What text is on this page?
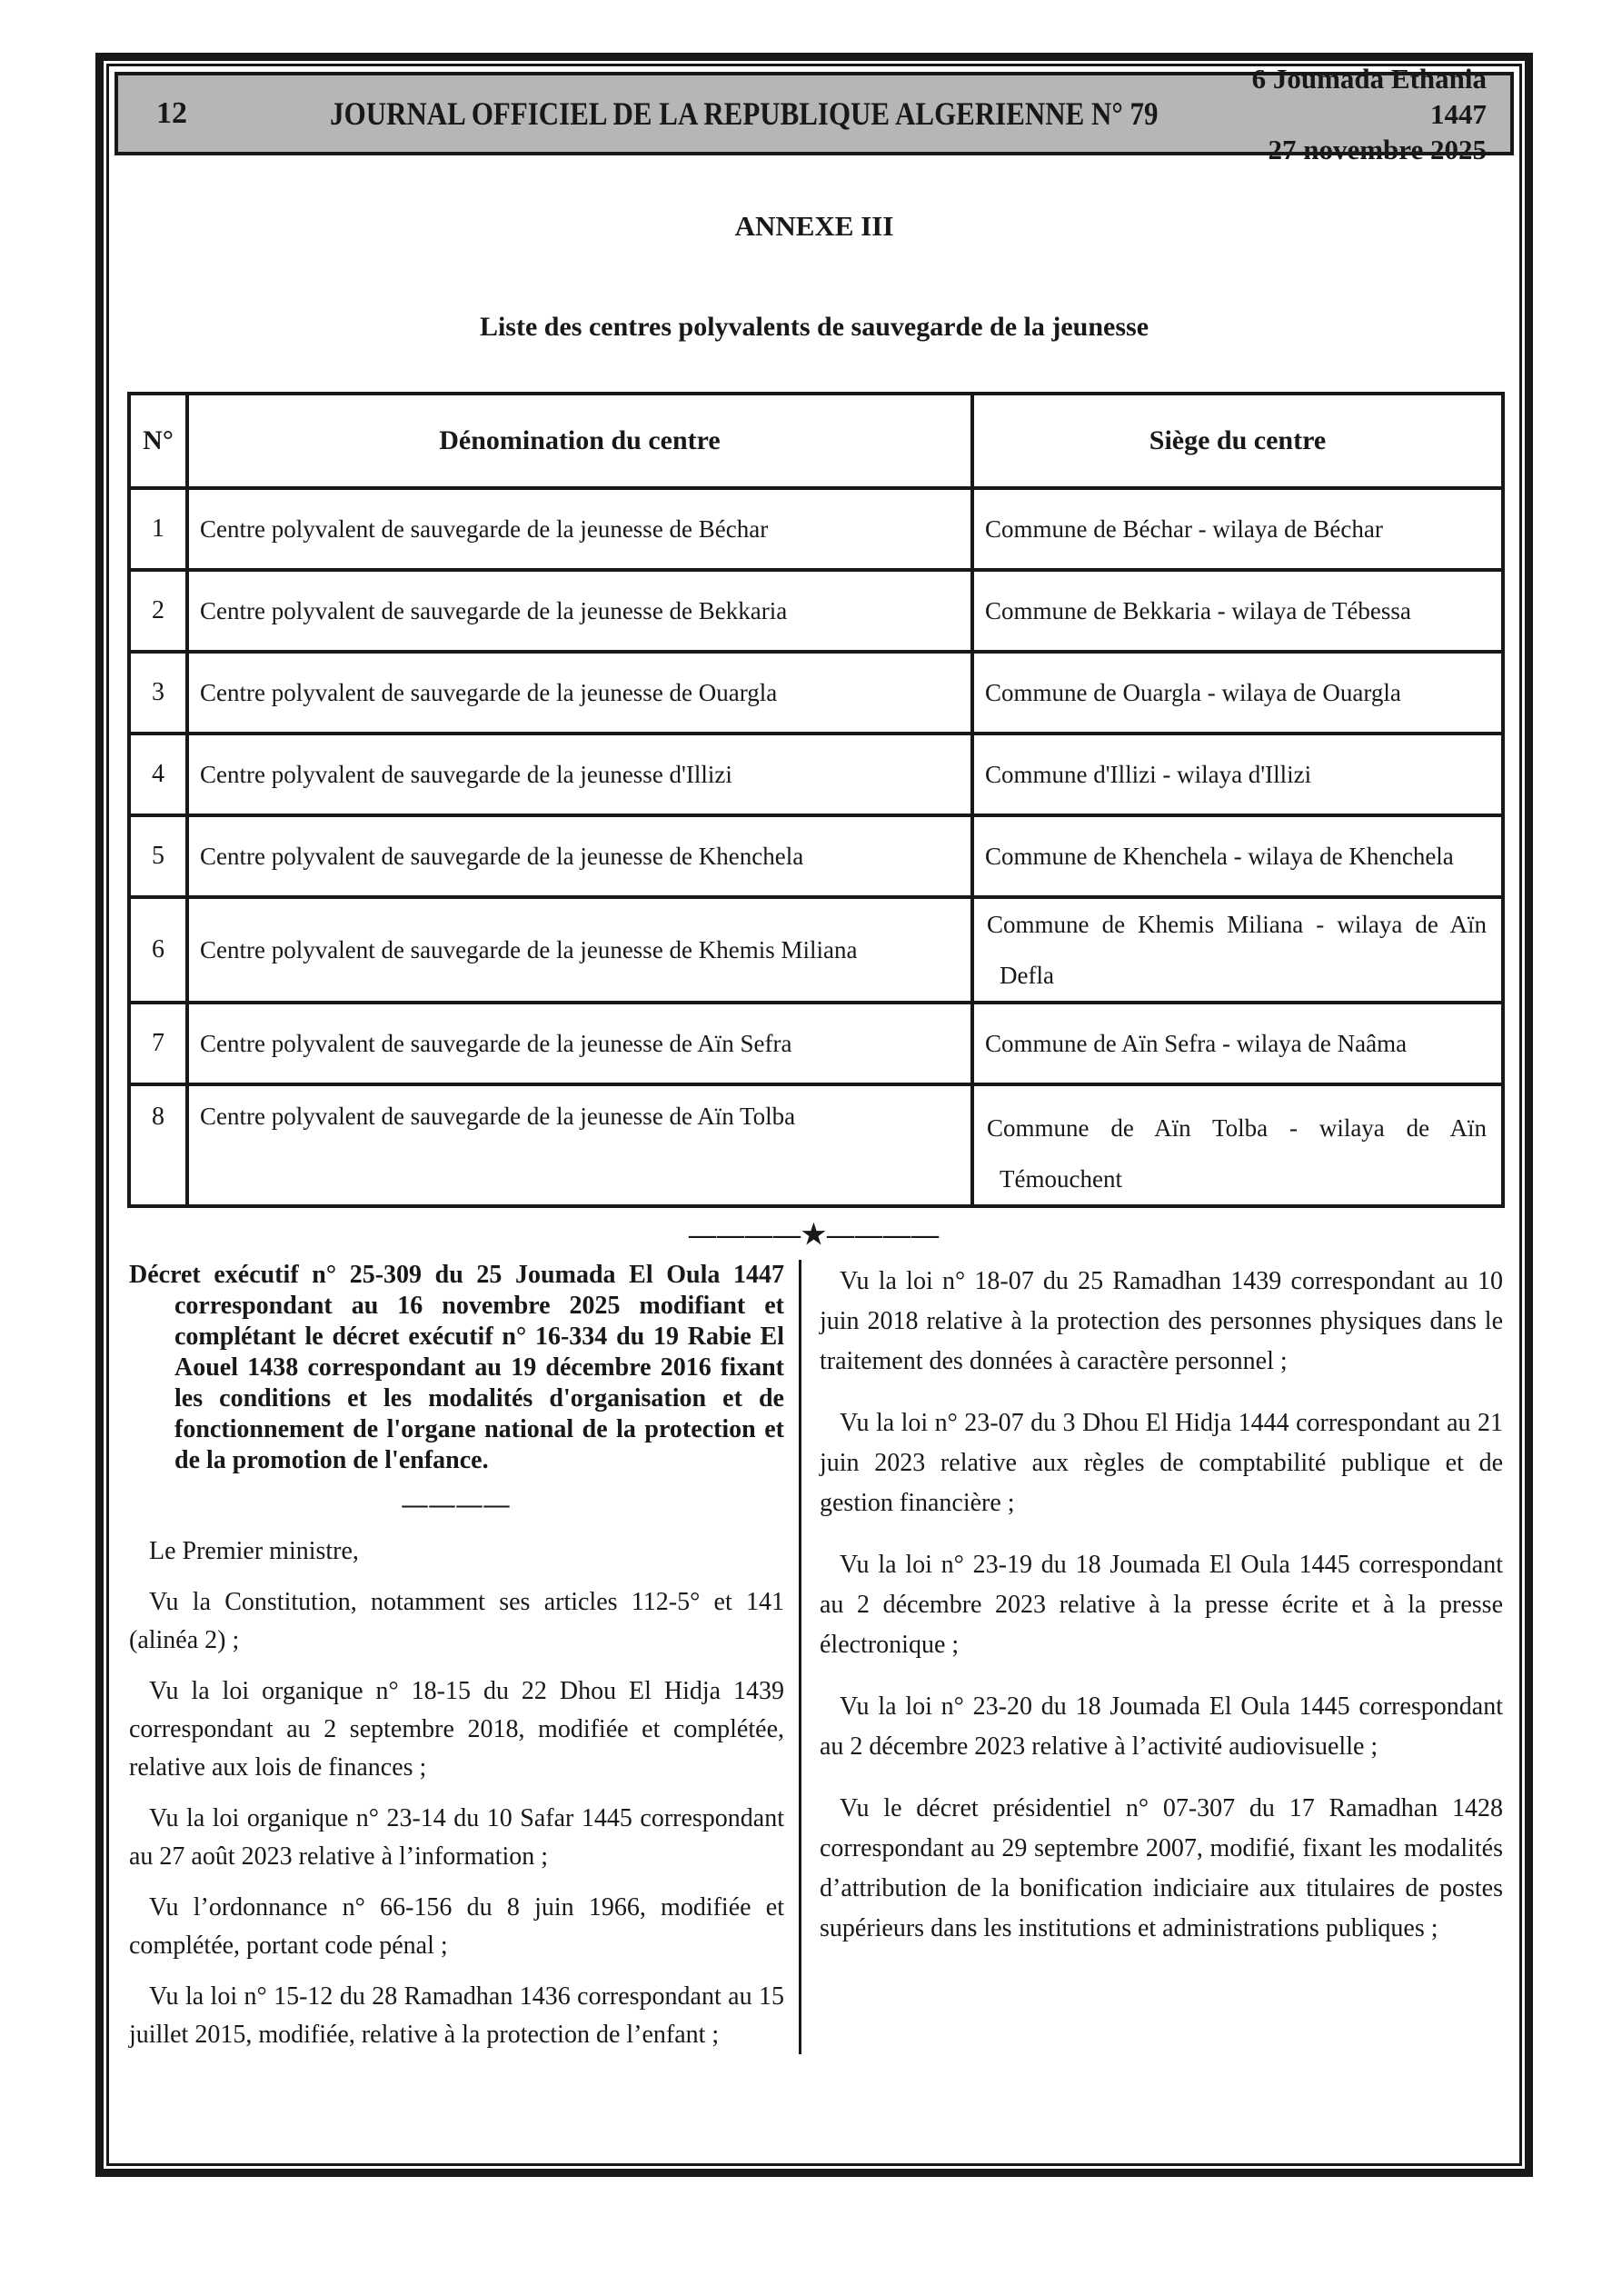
12	JOURNAL OFFICIEL DE LA REPUBLIQUE ALGERIENNE N° 79
6 Joumada Ethania 1447
27 novembre 2025
ANNEXE III
Liste des centres polyvalents de sauvegarde de la jeunesse
N°	Dénomination du centre	Siège du centre
1	Centre polyvalent de sauvegarde de la jeunesse de Béchar	Commune de Béchar - wilaya de Béchar
2	Centre polyvalent de sauvegarde de la jeunesse de Bekkaria	Commune de Bekkaria - wilaya de Tébessa
3	Centre polyvalent de sauvegarde de la jeunesse de Ouargla	Commune de Ouargla - wilaya de Ouargla
4	Centre polyvalent de sauvegarde de la jeunesse d'Illizi	Commune d'Illizi - wilaya d'Illizi
5	Centre polyvalent de sauvegarde de la jeunesse de Khenchela	Commune de Khenchela - wilaya de Khenchela
6	Centre polyvalent de sauvegarde de la jeunesse de Khemis Miliana	Commune de Khemis Miliana - wilaya de Aïn Defla
7	Centre polyvalent de sauvegarde de la jeunesse de Aïn Sefra	Commune de Aïn Sefra - wilaya de Naâma
8	Centre polyvalent de sauvegarde de la jeunesse de Aïn Tolba	Commune de Aïn Tolba - wilaya de Aïn Témouchent
————★————

Décret exécutif n° 25-309 du 25 Joumada El Oula 1447 correspondant au 16 novembre 2025 modifiant et complétant le décret exécutif n° 16-334 du 19 Rabie El Aouel 1438 correspondant au 19 décembre 2016 fixant les conditions et les modalités d'organisation et de fonctionnement de l'organe national de la protection et de la promotion de l'enfance.

————

Le Premier ministre,

Vu la Constitution, notamment ses articles 112-5° et 141 (alinéa 2) ;

Vu la loi organique n° 18-15 du 22 Dhou El Hidja 1439 correspondant au 2 septembre 2018, modifiée et complétée, relative aux lois de finances ;

Vu la loi organique n° 23-14 du 10 Safar 1445 correspondant au 27 août 2023 relative à l’information ;

Vu l’ordonnance n° 66-156 du 8 juin 1966, modifiée et complétée, portant code pénal ;

Vu la loi n° 15-12 du 28 Ramadhan 1436 correspondant au 15 juillet 2015, modifiée, relative à la protection de l’enfant ;

Vu la loi n° 18-07 du 25 Ramadhan 1439 correspondant au 10 juin 2018 relative à la protection des personnes physiques dans le traitement des données à caractère personnel ;

Vu la loi n° 23-07 du 3 Dhou El Hidja 1444 correspondant au 21 juin 2023 relative aux règles de comptabilité publique et de gestion financière ;

Vu la loi n° 23-19 du 18 Joumada El Oula 1445 correspondant au 2 décembre 2023 relative à la presse écrite et à la presse électronique ;

Vu la loi n° 23-20 du 18 Joumada El Oula 1445 correspondant au 2 décembre 2023 relative à l’activité audiovisuelle ;

Vu le décret présidentiel n° 07-307 du 17 Ramadhan 1428 correspondant au 29 septembre 2007, modifié, fixant les modalités d’attribution de la bonification indiciaire aux titulaires de postes supérieurs dans les institutions et administrations publiques ;
